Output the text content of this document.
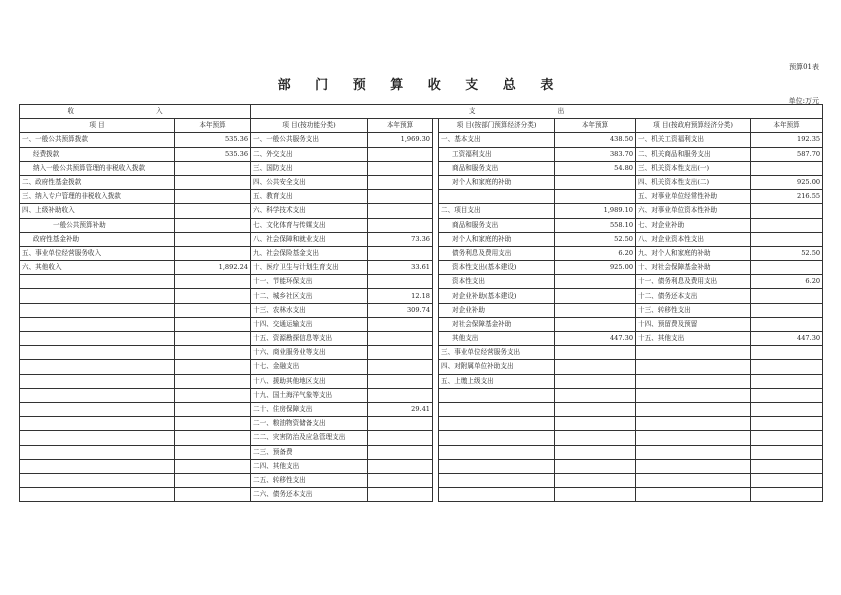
预算01表
部 门 预 算 收 支 总 表
单位:万元
收 入		支 出						
项 目	本年预算	项 目(按功能分类)	本年预算		项 目(按部门预算经济分类)	本年预算	项 目(按政府预算经济分类)	本年预算
一、一般公共预算拨款	535.36	一、一般公共服务支出	1,969.30		一、基本支出	438.50	一、机关工资福利支出	192.35
经费拨款	535.36	二、外交支出			工资福利支出	383.70	二、机关商品和服务支出	587.70
纳入一般公共预算管理的非税收入拨款		三、国防支出			商品和服务支出	54.80	三、机关资本性支出(一)	
二、政府性基金拨款		四、公共安全支出			对个人和家庭的补助		四、机关资本性支出(二)	925.00
三、纳入专户管理的非税收入拨款		五、教育支出					五、对事业单位经常性补助	216.55
四、上级补助收入		六、科学技术支出			二、项目支出	1,989.10	六、对事业单位资本性补助	
一般公共预算补助		七、文化体育与传媒支出			商品和服务支出	558.10	七、对企业补助	
政府性基金补助		八、社会保障和就业支出	73.36		对个人和家庭的补助	52.50	八、对企业资本性支出	
五、事业单位经营服务收入		九、社会保险基金支出			债务利息及费用支出	6.20	九、对个人和家庭的补助	52.50
六、其他收入	1,892.24	十、医疗卫生与计划生育支出	33.61		资本性支出(基本建设)	925.00	十、对社会保障基金补助	
		十一、节能环保支出			资本性支出		十一、债务利息及费用支出	6.20
		十二、城乡社区支出	12.18		对企业补助(基本建设)		十二、债务还本支出	
		十三、农林水支出	309.74		对企业补助		十三、转移性支出	
		十四、交通运输支出			对社会保障基金补助		十四、预留费及预留	
		十五、资源勘探信息等支出			其他支出	447.30	十五、其他支出	447.30
		十六、商业服务业等支出			三、事业单位经营服务支出			
		十七、金融支出			四、对附属单位补助支出			
		十八、援助其他地区支出			五、上缴上级支出			
		十九、国土海洋气象等支出						
		二十、住房保障支出	29.41					
		二一、粮油物资储备支出						
		二二、灾害防治及应急管理支出						
		二三、预备费						
		二四、其他支出						
		二五、转移性支出						
		二六、债务还本支出						
